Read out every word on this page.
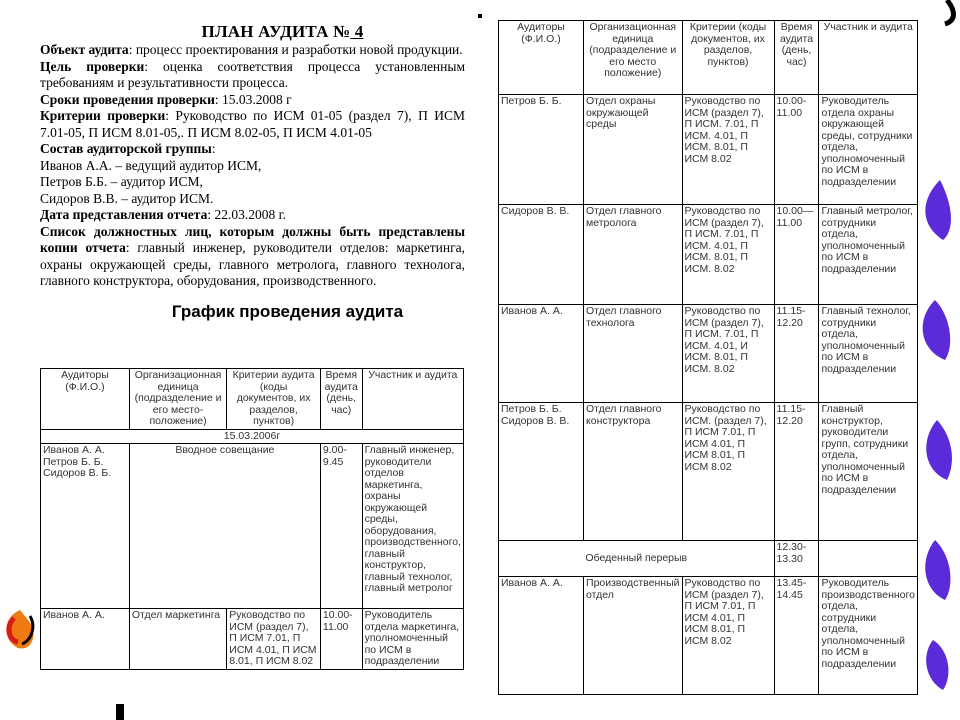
ПЛАН АУДИТА № 4

Объект аудита: процесс проектирования и разработки новой продукции.

Цель проверки: оценка соответствия процесса установленным требованиям и результативности процесса.

Сроки проведения проверки: 15.03.2008 г

Критерии проверки: Руководство по ИСМ 01-05 (раздел 7), П ИСМ 7.01-05, П ИСМ 8.01-05,. П ИСМ 8.02-05, П ИСМ 4.01-05

Состав аудиторской группы:

Иванов А.А. – ведущий аудитор ИСМ,

Петров Б.Б. – аудитор ИСМ,

Сидоров В.В. – аудитор ИСМ.

Дата представления отчета: 22.03.2008 г.

Список должностных лиц, которым должны быть представлены копии отчета: главный инженер, руководители отделов: маркетинга, охраны окружающей среды, главного метролога, главного технолога, главного конструктора, оборудования, производственного.

График проведения аудита
Аудиторы (Ф.И.О.)	Организационная единица (подразделение и его место-положение)	Критерии аудита (коды документов, их разделов, пунктов)	Время аудита (день, час)	Участник и аудита
15.03.2006г				
Иванов А. А. Петров Б. Б. Сидоров В. Б.	Вводное совещание		9.00- 9.45	Главный инженер, руководители отделов маркетинга, охраны окружающей среды, оборудования, производственного, главный конструктор, главный технолог, главный метролог
Иванов А. А.	Отдел маркетинга	Руководство по ИСМ (раздел 7), П ИСМ 7.01, П ИСМ 4.01, П ИСМ 8.01, П ИСМ 8.02	10.00- 11.00	Руководитель отдела маркетинга, уполномоченный по ИСМ в подразделении
Аудиторы (Ф.И.О.)	Организационная единица (подразделение и его место положение)	Критерии (коды документов, их разделов, пунктов)	Время аудита (день, час)	Участник и аудита
Петров Б. Б.	Отдел охраны окружающей среды	Руководство по ИСМ (раздел 7), П ИСМ. 7.01, П ИСМ. 4.01, П ИСМ. 8.01, П ИСМ 8.02	10.00- 11.00	Руководитель отдела охраны окружающей среды, сотрудники отдела, уполномоченный по ИСМ в подразделении
Сидоров В. В.	Отдел главного метролога	Руководство по ИСМ (раздел 7), П ИСМ. 7.01, П ИСМ. 4.01, П ИСМ. 8.01, П ИСМ. 8.02	10.00— 11.00	Главный метролог, сотрудники отдела, уполномоченный по ИСМ в подразделении
Иванов А. А.	Отдел главного технолога	Руководство по ИСМ (раздел 7), П ИСМ. 7.01, П ИСМ. 4.01, И ИСМ. 8.01, П ИСМ. 8.02	11.15- 12.20	Главный технолог, сотрудники отдела, уполномоченный по ИСМ в подразделении
Петров Б. Б. Сидоров В. В.	Отдел главного конструктора	Руководство по ИСМ. (раздел 7), П ИСМ 7.01, П ИСМ 4.01, П ИСМ 8.01, П ИСМ 8.02	11.15- 12.20	Главный конструктор, руководители групп, сотрудники отдела, уполномоченный по ИСМ в подразделении
Обеденный перерыв			12.30- 13.30	
Иванов А. А.	Производственный отдел	Руководство по ИСМ (раздел 7), П ИСМ 7.01, П ИСМ 4.01, П ИСМ 8.01, П ИСМ 8.02	13.45- 14.45	Руководитель производственного отдела, сотрудники отдела, уполномоченный по ИСМ в подразделении
